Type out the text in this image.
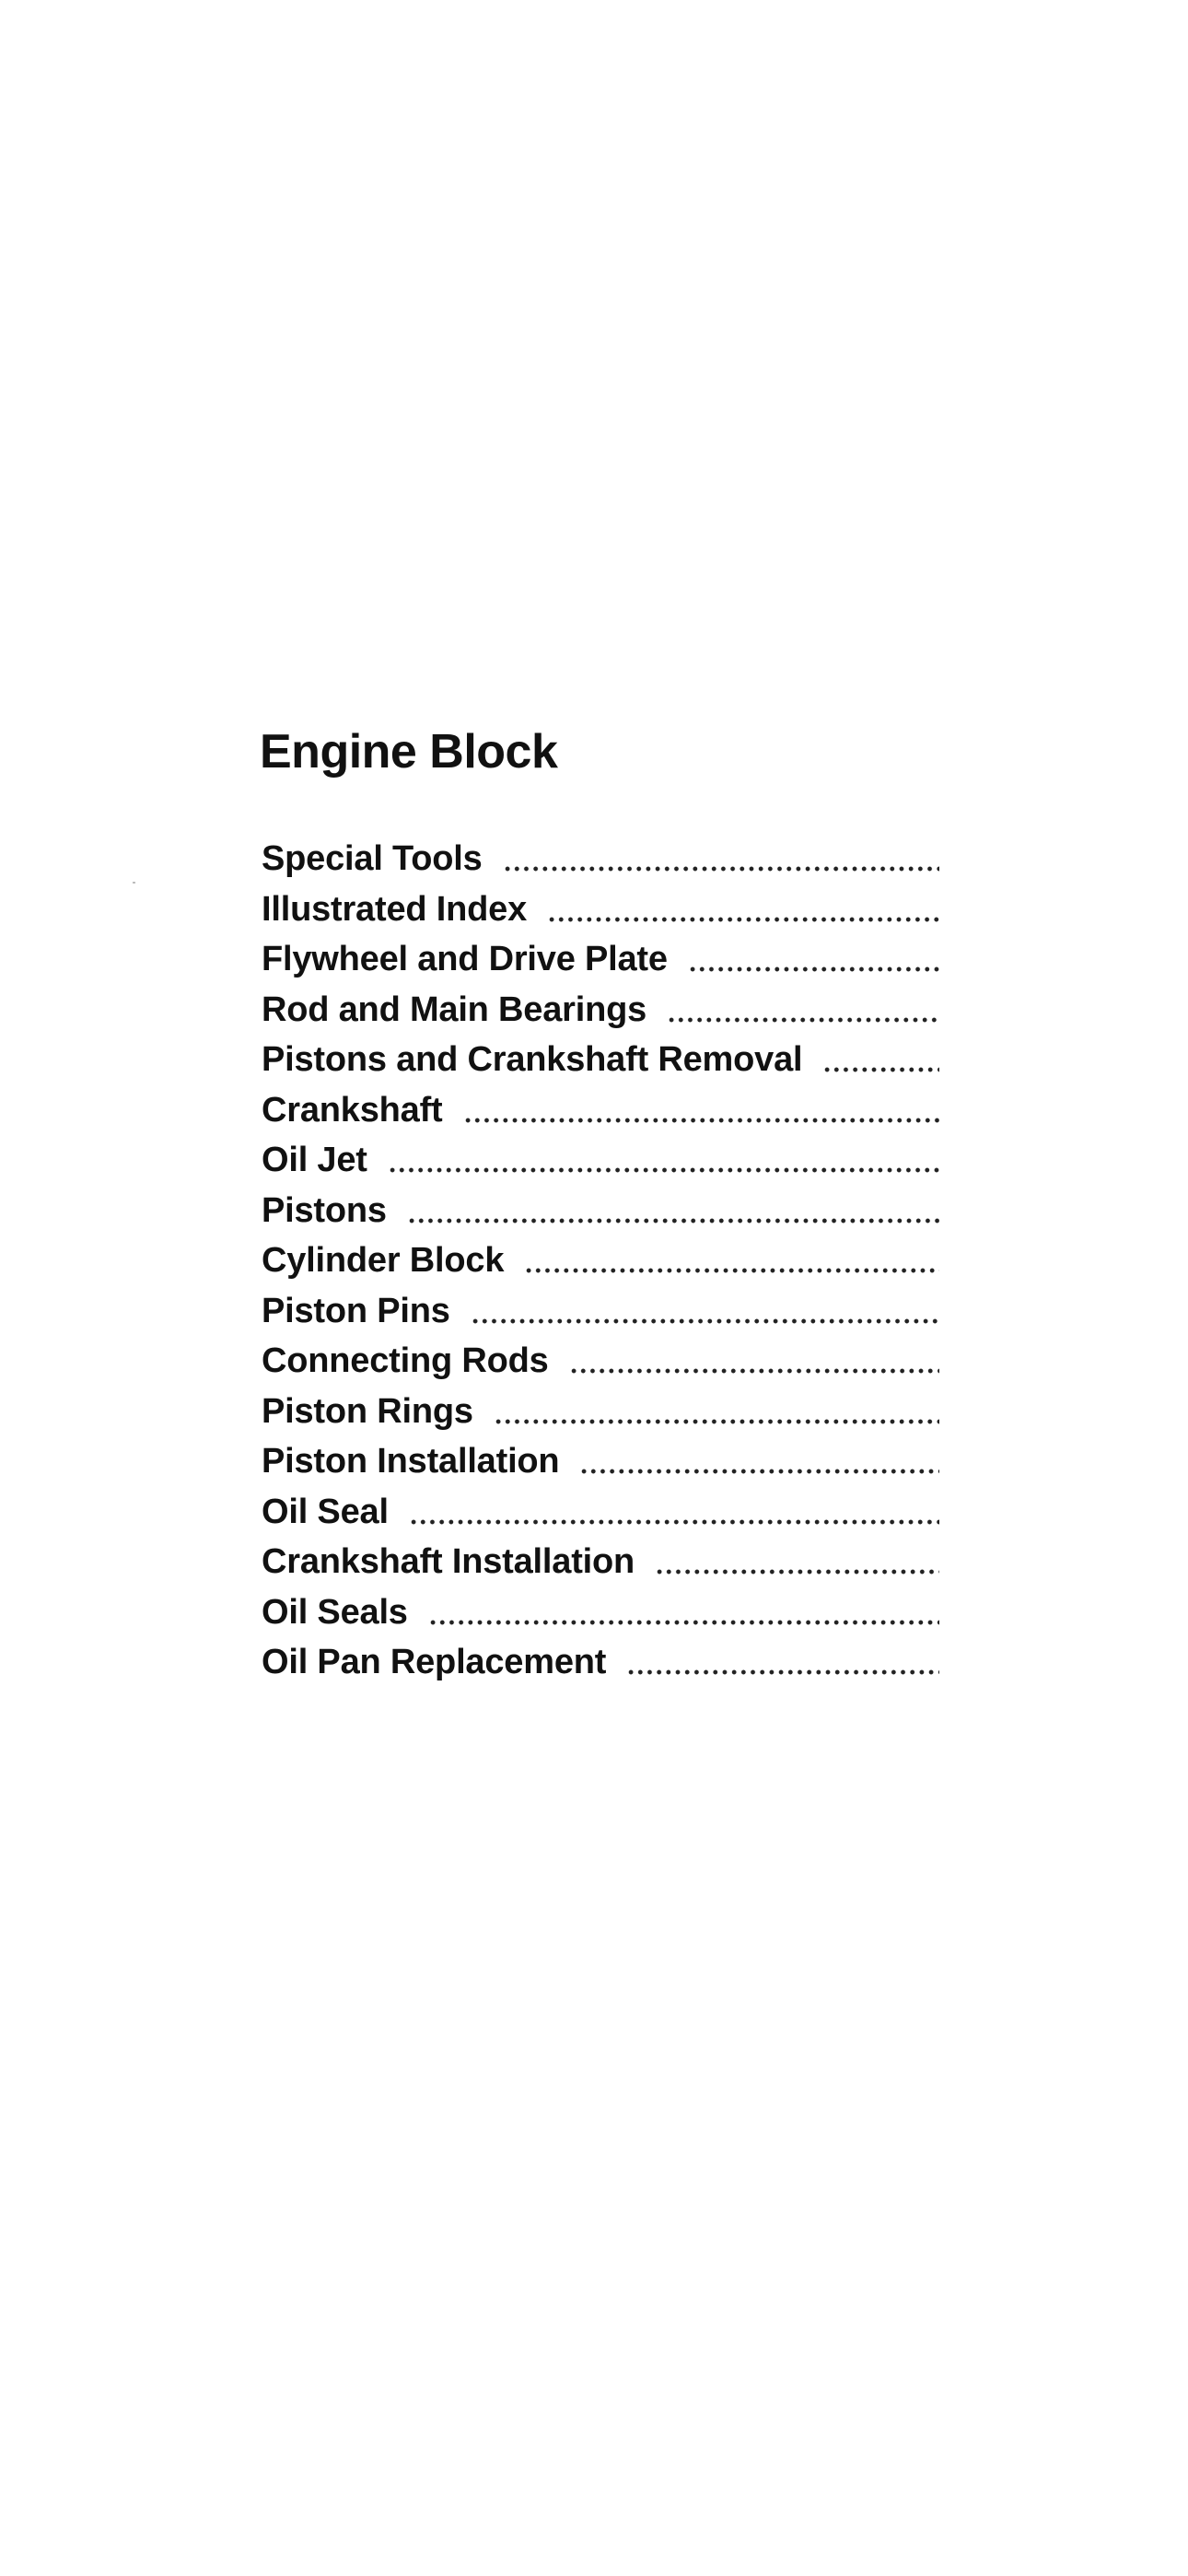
Engine Block
Special Tools
Illustrated Index
Flywheel and Drive Plate
Rod and Main Bearings
Pistons and Crankshaft Removal
Crankshaft
Oil Jet
Pistons
Cylinder Block
Piston Pins
Connecting Rods
Piston Rings
Piston Installation
Oil Seal
Crankshaft Installation
Oil Seals
Oil Pan Replacement
